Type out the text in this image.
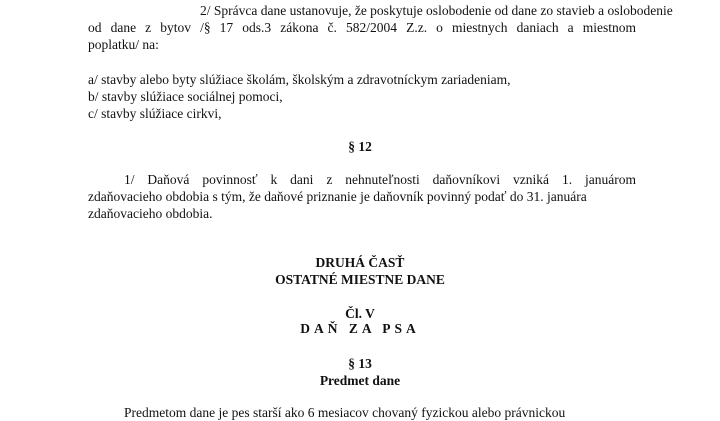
2/ Správca dane ustanovuje, že poskytuje oslobodenie od dane zo stavieb a oslobodenie
od dane z bytov /§ 17 ods.3 zákona č. 582/2004 Z.z. o miestnych daniach a miestnom
poplatku/ na:
a/ stavby alebo byty slúžiace školám, školským a zdravotníckym zariadeniam,
b/ stavby slúžiace sociálnej pomoci,
c/ stavby slúžiace cirkvi,
§ 12
1/ Daňová povinnosť k dani z nehnuteľnosti daňovníkovi vzniká 1. januárom
zdaňovacieho obdobia s tým, že daňové priznanie je daňovník povinný podať do 31. januára
zdaňovacieho obdobia.
DRUHÁ ČASŤ
OSTATNÉ MIESTNE DANE
Čl. V
DAŇ ZA PSA
§ 13
Predmet dane
Predmetom dane je pes starší ako 6 mesiacov chovaný fyzickou alebo právnickou
